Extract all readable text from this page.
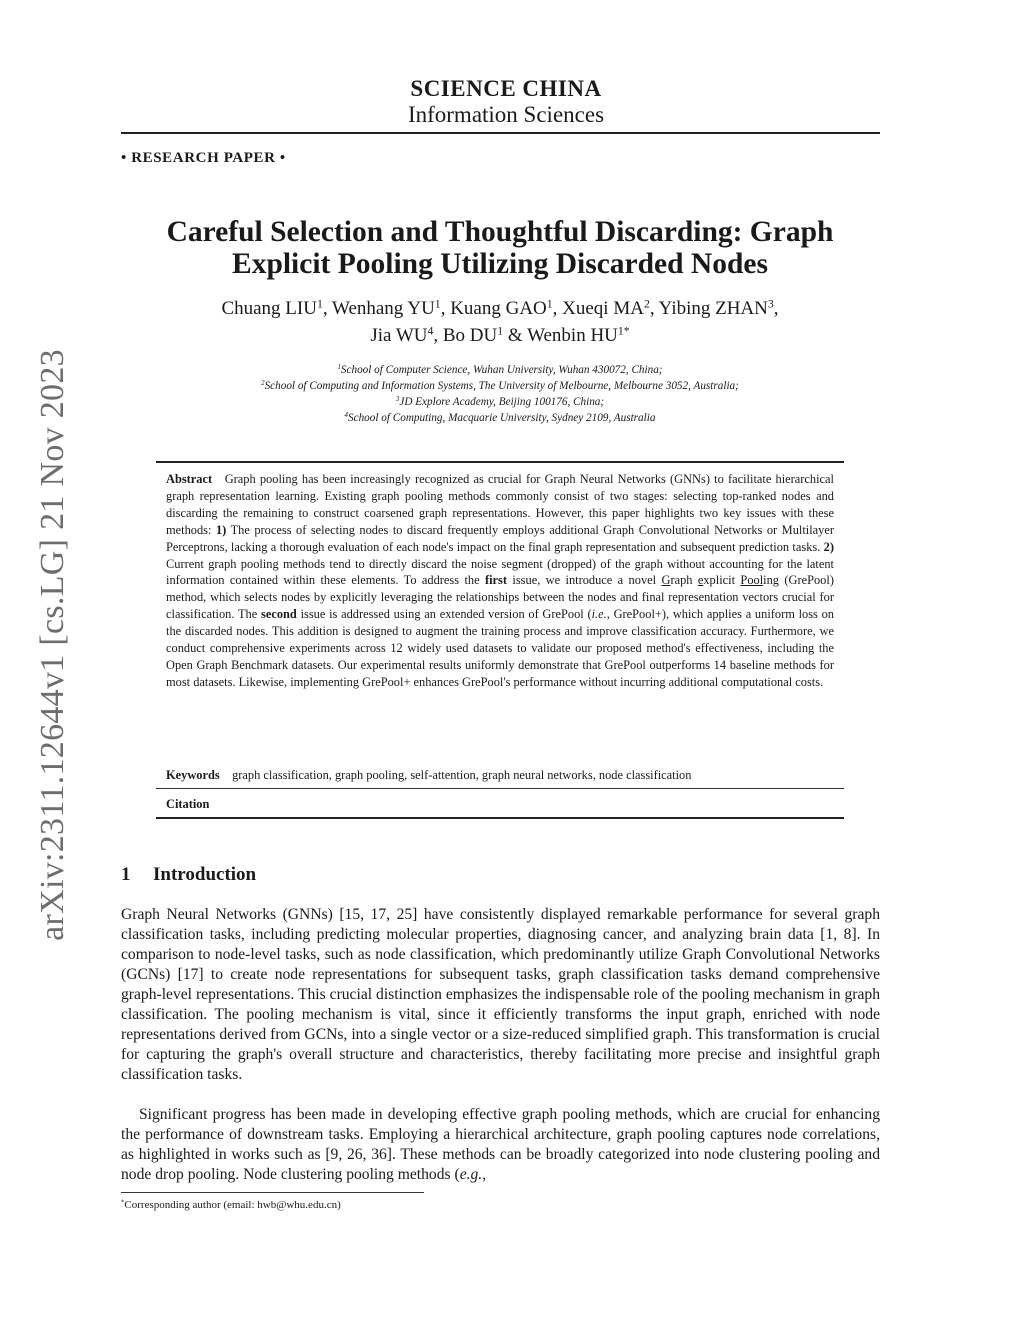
arXiv:2311.12644v1 [cs.LG] 21 Nov 2023
SCIENCE CHINA
Information Sciences
• RESEARCH PAPER •
Careful Selection and Thoughtful Discarding: Graph
Explicit Pooling Utilizing Discarded Nodes
Chuang LIU$^1$, Wenhang $YU^1$, Kuang GAO$^1$, Xueqi $MA^2$, Yibing ZHAN$^3$,
Jia $WU^4$, Bo $DU^1$ & Wenbin $HU^{1*}$
$^1$School of Computer Science, Wuhan University, Wuhan 430072, China;
$^2$School of Computing and Information Systems, The University of Melbourne, Melbourne 3052, Australia;
$^3$JD Explore Academy, Beijing 100176, China;
$^4$School of Computing, Macquarie University, Sydney 2109, Australia
Abstract Graph pooling has been increasingly recognized as crucial for Graph Neural Networks (GNNs) to facilitate hierarchical graph representation learning. Existing graph pooling methods commonly consist of two stages: selecting top-ranked nodes and discarding the remaining to construct coarsened graph representations. However, this paper highlights two key issues with these methods: 1) The process of selecting nodes to discard frequently employs additional Graph Convolutional Networks or Multilayer Perceptrons, lacking a thorough evaluation of each node's impact on the final graph representation and subsequent prediction tasks. 2) Current graph pooling methods tend to directly discard the noise segment (dropped) of the graph without accounting for the latent information contained within these elements. To address the first issue, we introduce a novel Graph explicit Pooling (GrePool) method, which selects nodes by explicitly leveraging the relationships between the nodes and final representation vectors crucial for classification. The second issue is addressed using an extended version of GrePool (i.e., GrePool+), which applies a uniform loss on the discarded nodes. This addition is designed to augment the training process and improve classification accuracy. Furthermore, we conduct comprehensive experiments across 12 widely used datasets to validate our proposed method's effectiveness, including the Open Graph Benchmark datasets. Our experimental results uniformly demonstrate that GrePool outperforms 14 baseline methods for most datasets. Likewise, implementing GrePool+ enhances GrePool's performance without incurring additional computational costs.
Keywords graph classification, graph pooling, self-attention, graph neural networks, node classification
Citation
1 Introduction
Graph Neural Networks (GNNs) [15, 17, 25] have consistently displayed remarkable performance for several graph classification tasks, including predicting molecular properties, diagnosing cancer, and analyzing brain data [1, 8]. In comparison to node-level tasks, such as node classification, which predominantly utilize Graph Convolutional Networks (GCNs) [17] to create node representations for subsequent tasks, graph classification tasks demand comprehensive graph-level representations. This crucial distinction emphasizes the indispensable role of the pooling mechanism in graph classification. The pooling mechanism is vital, since it efficiently transforms the input graph, enriched with node representations derived from GCNs, into a single vector or a size-reduced simplified graph. This transformation is crucial for capturing the graph's overall structure and characteristics, thereby facilitating more precise and insightful graph classification tasks.
Significant progress has been made in developing effective graph pooling methods, which are crucial for enhancing the performance of downstream tasks. Employing a hierarchical architecture, graph pooling captures node correlations, as highlighted in works such as [9, 26, 36]. These methods can be broadly categorized into node clustering pooling and node drop pooling. Node clustering pooling methods (e.g.,
*Corresponding author (email: hwb@whu.edu.cn)
